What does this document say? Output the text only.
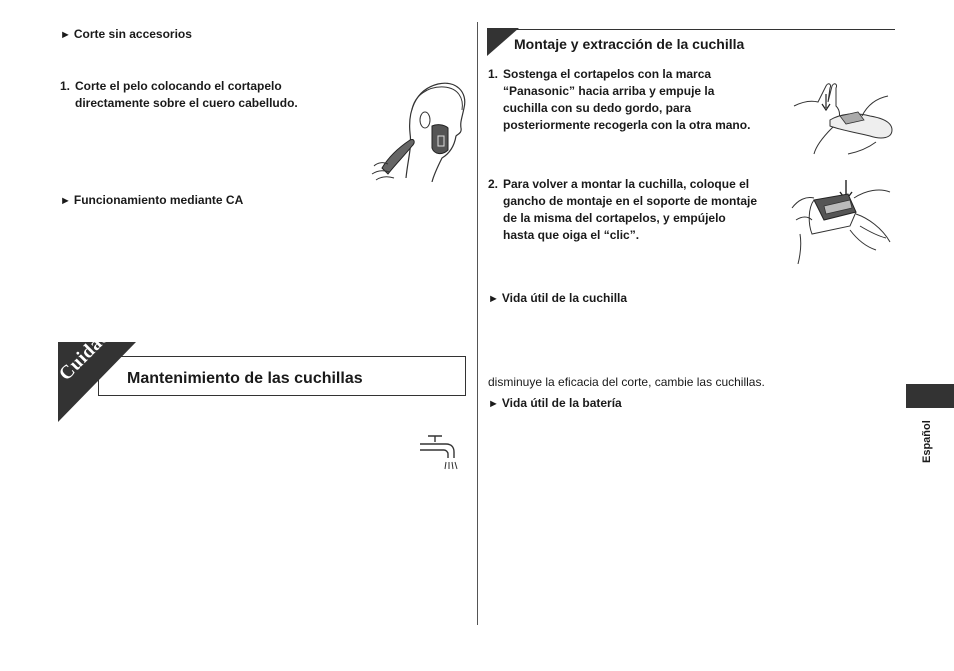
► Corte sin accesorios
1. Corte el pelo colocando el cortapelo
directamente sobre el cuero cabelludo.
► Funcionamiento mediante CA
Cuidado Mantenimiento de las cuchillas
Montaje y extracción de la cuchilla
1. Sostenga el cortapelos con la marca
“Panasonic” hacia arriba y empuje la
cuchilla con su dedo gordo, para
posteriormente recogerla con la otra mano.
2. Para volver a montar la cuchilla, coloque el
gancho de montaje en el soporte de montaje
de la misma del cortapelos, y empújelo
hasta que oiga el “clic”.
► Vida útil de la cuchilla
disminuye la eficacia del corte, cambie las cuchillas.
► Vida útil de la batería
Español
